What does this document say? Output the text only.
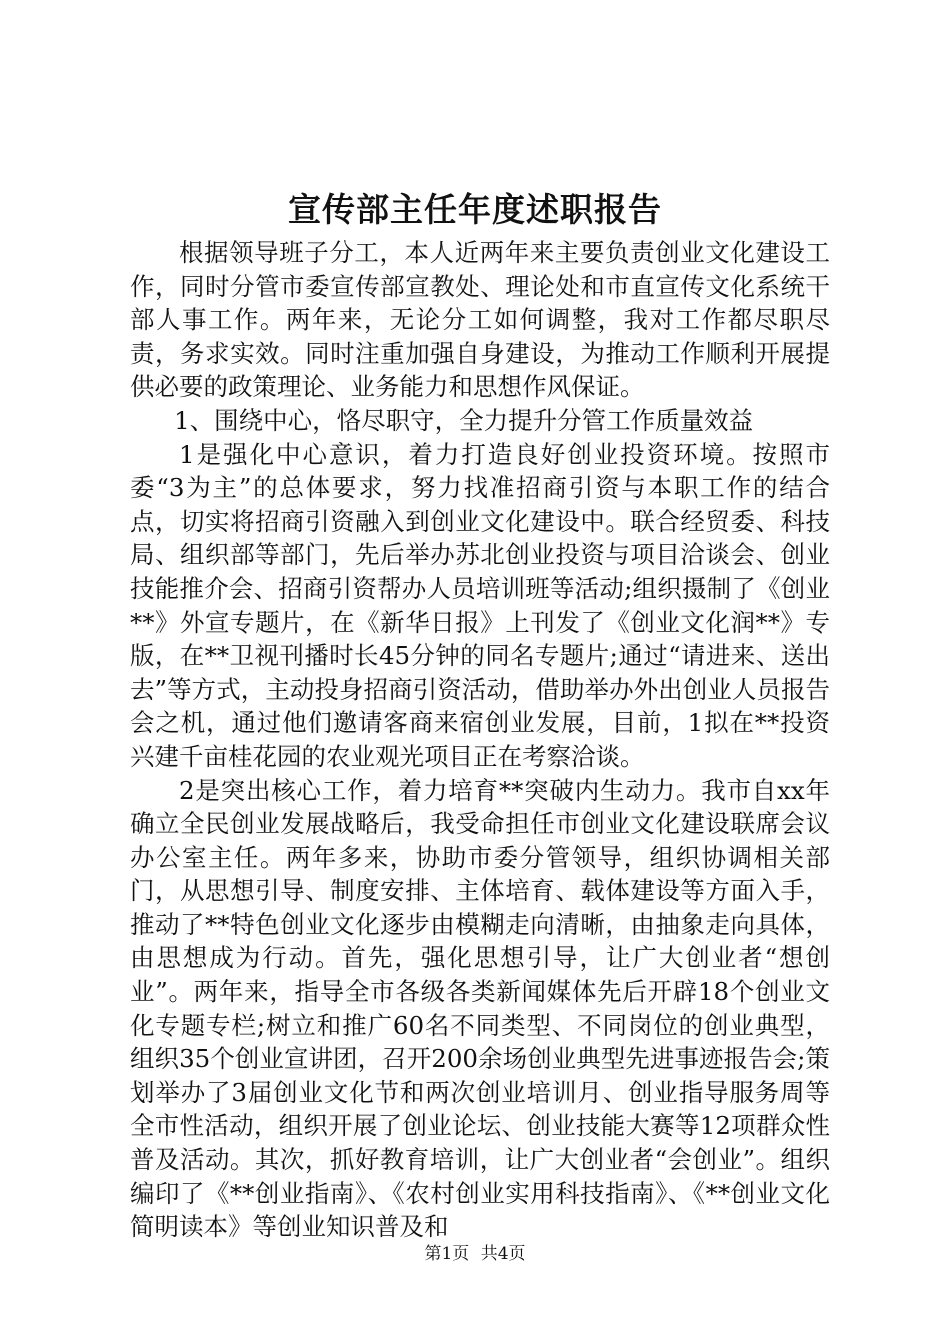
宣传部主任年度述职报告

根据领导班子分工，本人近两年来主要负责创业文化建设工作，同时分管市委宣传部宣教处、理论处和市直宣传文化系统干部人事工作。两年来，无论分工如何调整，我对工作都尽职尽责，务求实效。同时注重加强自身建设，为推动工作顺利开展提供必要的政策理论、业务能力和思想作风保证。

1、围绕中心，恪尽职守，全力提升分管工作质量效益

1是强化中心意识，着力打造良好创业投资环境。按照市委“3为主”的总体要求，努力找准招商引资与本职工作的结合点，切实将招商引资融入到创业文化建设中。联合经贸委、科技局、组织部等部门，先后举办苏北创业投资与项目洽谈会、创业技能推介会、招商引资帮办人员培训班等活动;组织摄制了《创业**》外宣专题片，在《新华日报》上刊发了《创业文化润**》专版，在**卫视刊播时长45分钟的同名专题片;通过“请进来、送出去”等方式，主动投身招商引资活动，借助举办外出创业人员报告会之机，通过他们邀请客商来宿创业发展，目前，1拟在**投资兴建千亩桂花园的农业观光项目正在考察洽谈。

2是突出核心工作，着力培育**突破内生动力。我市自xx年确立全民创业发展战略后，我受命担任市创业文化建设联席会议办公室主任。两年多来，协助市委分管领导，组织协调相关部门，从思想引导、制度安排、主体培育、载体建设等方面入手，推动了**特色创业文化逐步由模糊走向清晰，由抽象走向具体，由思想成为行动。首先，强化思想引导，让广大创业者“想创业”。两年来，指导全市各级各类新闻媒体先后开辟18个创业文化专题专栏;树立和推广60名不同类型、不同岗位的创业典型，组织35个创业宣讲团，召开200余场创业典型先进事迹报告会;策划举办了3届创业文化节和两次创业培训月、创业指导服务周等全市性活动，组织开展了创业论坛、创业技能大赛等12项群众性普及活动。其次，抓好教育培训，让广大创业者“会创业”。组织编印了《**创业指南》、《农村创业实用科技指南》、《**创业文化简明读本》等创业知识普及和

第1页 共4页
